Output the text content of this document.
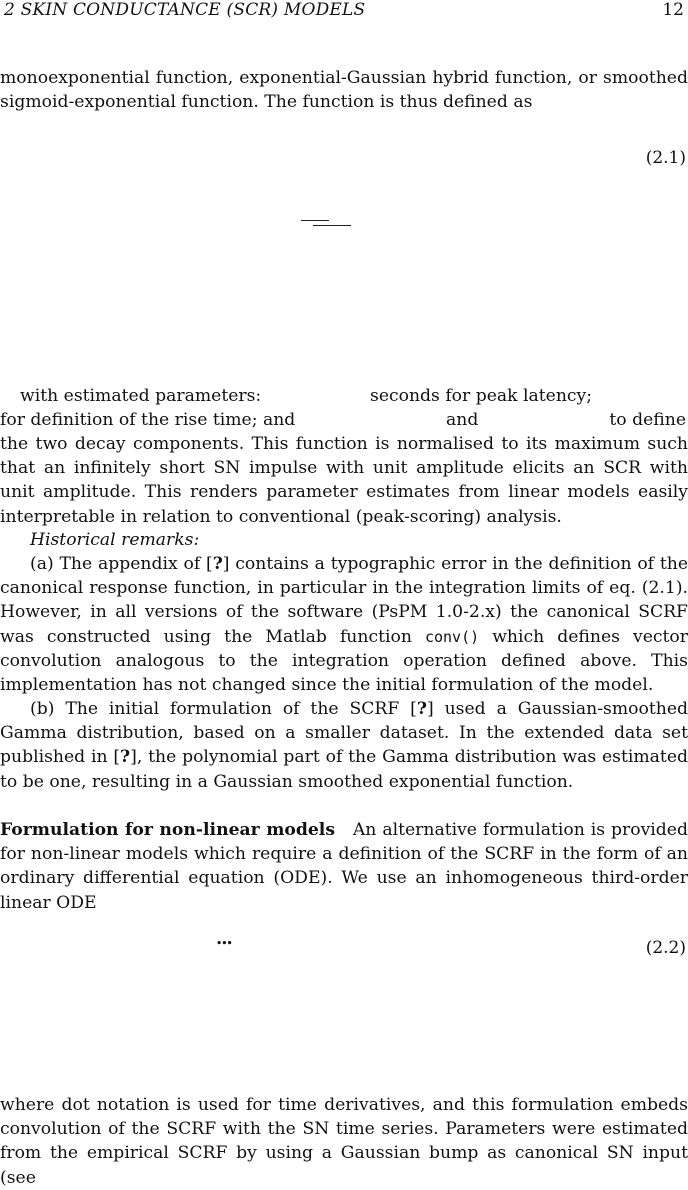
2 SKIN CONDUCTANCE (SCR) MODELS	12

monoexponential function, exponential-Gaussian hybrid function, or smoothed sigmoid-exponential function. The function is thus defined as

(2.1)
with estimated parameters:	seconds for peak latency;
for definition of the rise time; and	and	to define

the two decay components. This function is normalised to its maximum such that an infinitely short SN impulse with unit amplitude elicits an SCR with unit amplitude. This renders parameter estimates from linear models easily interpretable in relation to conventional (peak-scoring) analysis.

Historical remarks:

(a) The appendix of [?] contains a typographic error in the definition of the canonical response function, in particular in the integration limits of eq. (2.1). However, in all versions of the software (PsPM 1.0-2.x) the canonical SCRF was constructed using the Matlab function conv() which defines vector convolution analogous to the integration operation defined above. This implementation has not changed since the initial formulation of the model.

(b) The initial formulation of the SCRF [?] used a Gaussian-smoothed Gamma distribution, based on a smaller dataset. In the extended data set published in [?], the polynomial part of the Gamma distribution was estimated to be one, resulting in a Gaussian smoothed exponential function.

Formulation for non-linear models An alternative formulation is provided for non-linear models which require a definition of the SCRF in the form of an ordinary differential equation (ODE). We use an inhomogeneous third-order linear ODE

...	(2.2)

where dot notation is used for time derivatives, and this formulation embeds convolution of the SCRF with the SN time series. Parameters were estimated from the empirical SCRF by using a Gaussian bump as canonical SN input (see
